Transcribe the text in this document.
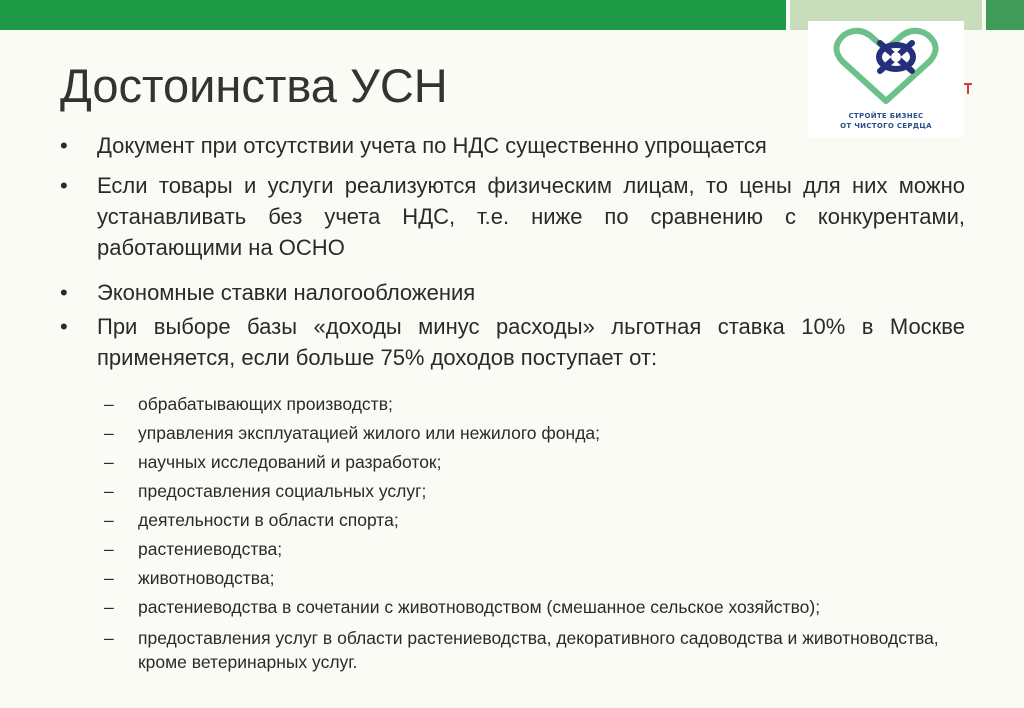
СТРОЙТЕ БИЗНЕС
ОТ ЧИСТОГО СЕРДЦА
Достоинства УСН
• Документ при отсутствии учета по НДС существенно упрощается
• Если товары и услуги реализуются физическим лицам, то цены для них можно устанавливать без учета НДС, т.е. ниже по сравнению с конкурентами, работающими на ОСНО
• Экономные ставки налогообложения
• При выборе базы «доходы минус расходы» льготная ставка 10% в Москве применяется, если больше 75% доходов поступает от:
– обрабатывающих производств;
– управления эксплуатацией жилого или нежилого фонда;
– научных исследований и разработок;
– предоставления социальных услуг;
– деятельности в области спорта;
– растениеводства;
– животноводства;
– растениеводства в сочетании с животноводством (смешанное сельское хозяйство);
– предоставления услуг в области растениеводства, декоративного садоводства и животноводства, кроме ветеринарных услуг.
